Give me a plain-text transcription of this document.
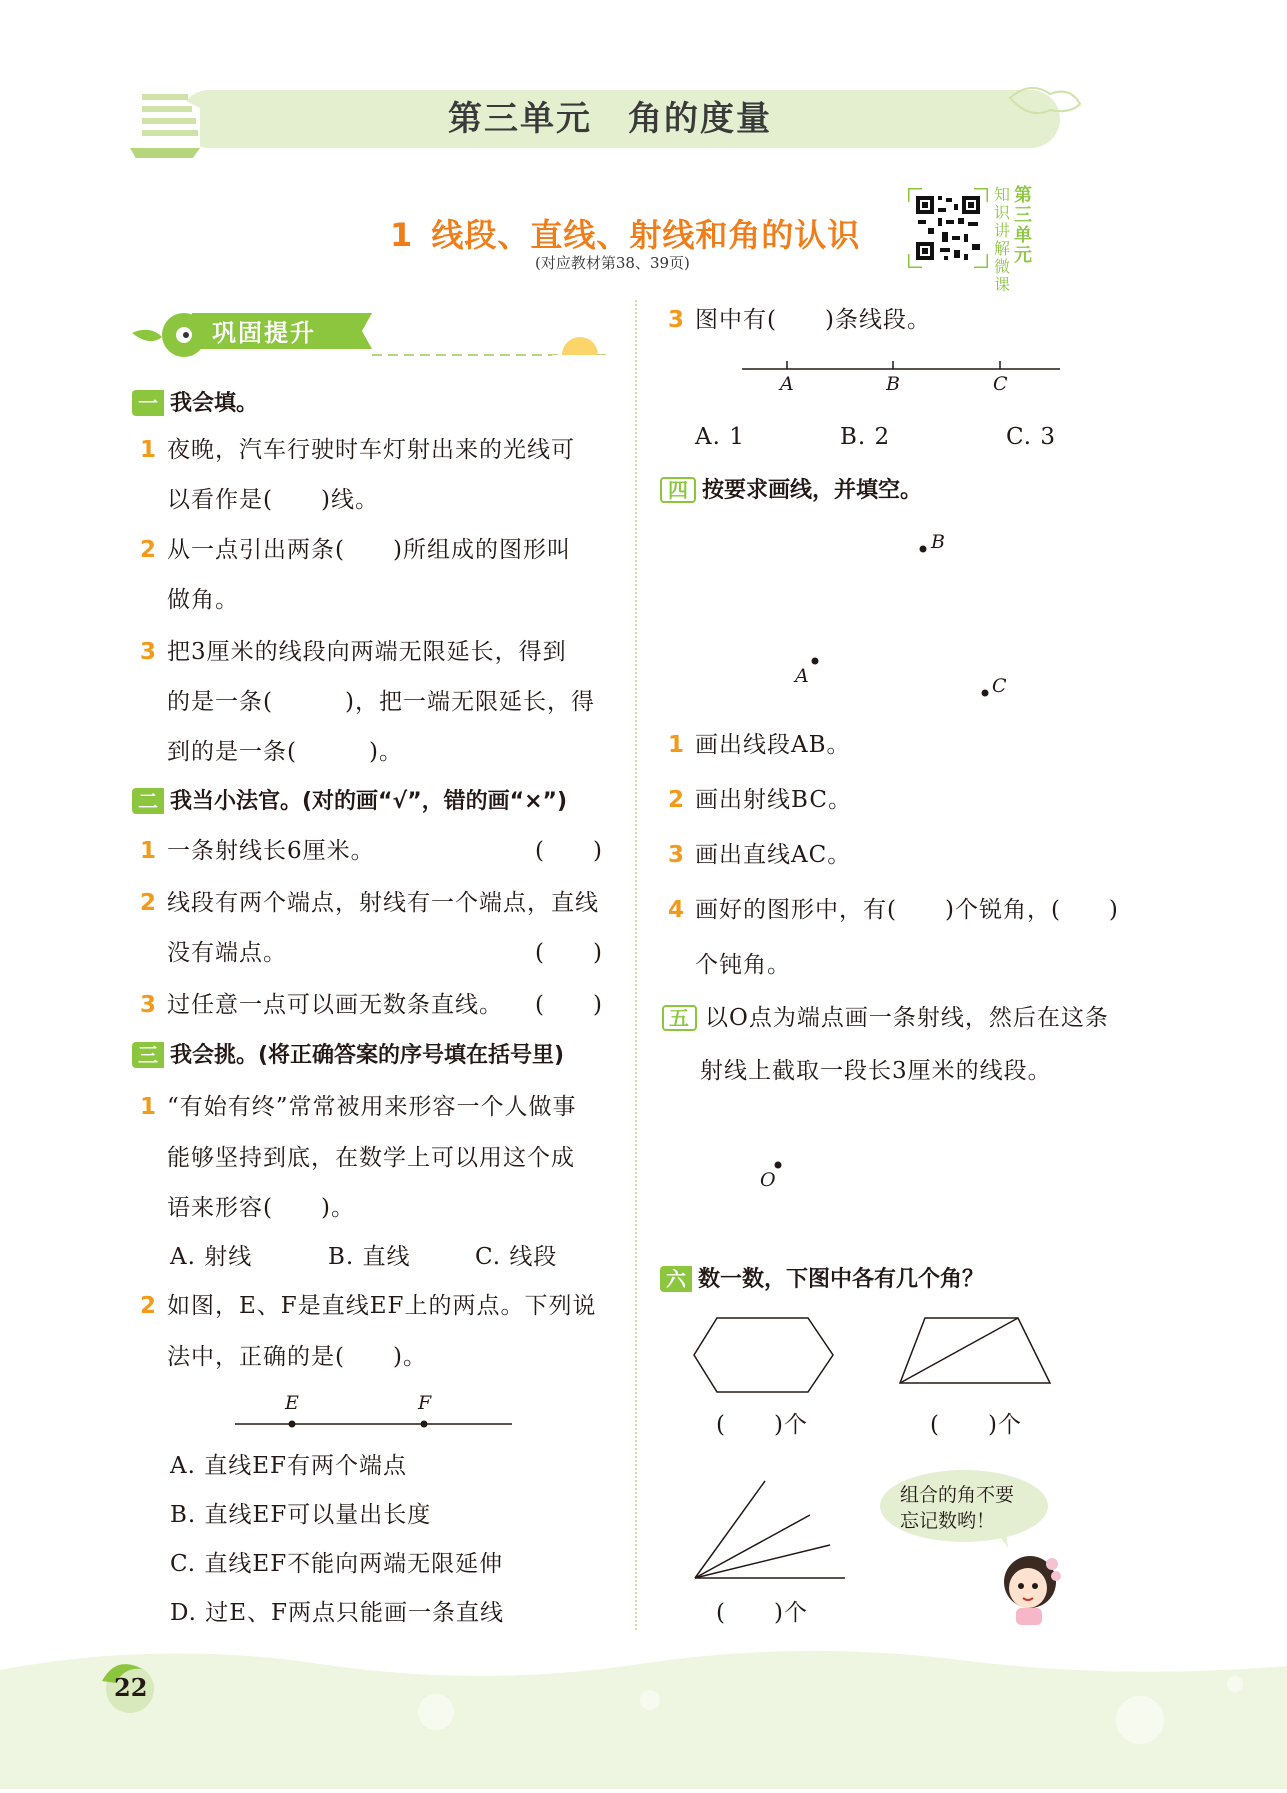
第三单元　角的度量
1 线段、直线、射线和角的认识
(对应教材第38、39页)
知识讲解微课
第三单元
巩固提升
一 我会填。
1 夜晚，汽车行驶时车灯射出来的光线可
以看作是(　　)线。
2 从一点引出两条(　　)所组成的图形叫
做角。
3 把3厘米的线段向两端无限延长，得到
的是一条(　　　)，把一端无限延长，得
到的是一条(　　　)。
二 我当小法官。(对的画“√”，错的画“×”)
1 一条射线长6厘米。	(　　)
2 线段有两个端点，射线有一个端点，直线
没有端点。	(　　)
3 过任意一点可以画无数条直线。 (　　)
三 我会挑。(将正确答案的序号填在括号里)
1 “有始有终”常常被用来形容一个人做事
能够坚持到底，在数学上可以用这个成
语来形容(　　)。
A. 射线	B. 直线	C. 线段
2 如图，E、F是直线EF上的两点。下列说
法中，正确的是(　　)。
E	F
A. 直线EF有两个端点
B. 直线EF可以量出长度
C. 直线EF不能向两端无限延伸
D. 过E、F两点只能画一条直线
3 图中有(　　)条线段。
A	B	C
A. 1	B. 2	C. 3
四 按要求画线，并填空。
B
A	C
1 画出线段AB。
2 画出射线BC。
3 画出直线AC。
4 画好的图形中，有(　　)个锐角，(　　)
个钝角。
五 以O点为端点画一条射线，然后在这条
射线上截取一段长3厘米的线段。
O
六 数一数，下图中各有几个角？
(　　)个	(　　)个
(　　)个
组合的角不要
忘记数哟！
22
